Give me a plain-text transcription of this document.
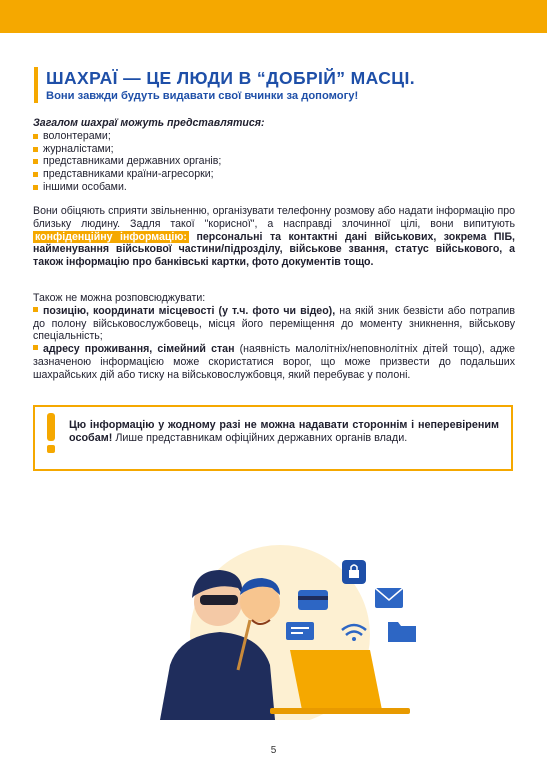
ШАХРАЇ — ЦЕ ЛЮДИ В “ДОБРІЙ” МАСЦІ.

Вони завжди будуть видавати свої вчинки за допомогу!

Загалом шахраї можуть представлятися:
волонтерами;
журналістами;
представниками державних органів;
представниками країни-агресорки;
іншими особами.
Вони обіцяють сприяти звільненню, організувати телефонну розмову або надати інформацію про близьку людину. Задля такої "корисної", а насправді злочинної цілі, вони випитують конфіденційну інформацію: персональні та контактні дані військових, зокрема ПІБ, найменування військової частини/підрозділу, військове звання, статус військового, а також інформацію про банківські картки, фото документів тощо.
Також не можна розповсюджувати:
позицію, координати місцевості (у т.ч. фото чи відео), на якій зник безвісти або потрапив до полону військовослужбовець, місця його переміщення до моменту зникнення, військову спеціальність;
адресу проживання, сімейний стан (наявність малолітніх/неповнолітніх дітей тощо), адже зазначеною інформацією може скористатися ворог, що може призвести до подальших шахрайських дій або тиску на військовослужбовця, який перебуває у полоні.
Цю інформацію у жодному разі не можна надавати стороннім і неперевіреним особам! Лише представникам офіційних державних органів влади.
5
